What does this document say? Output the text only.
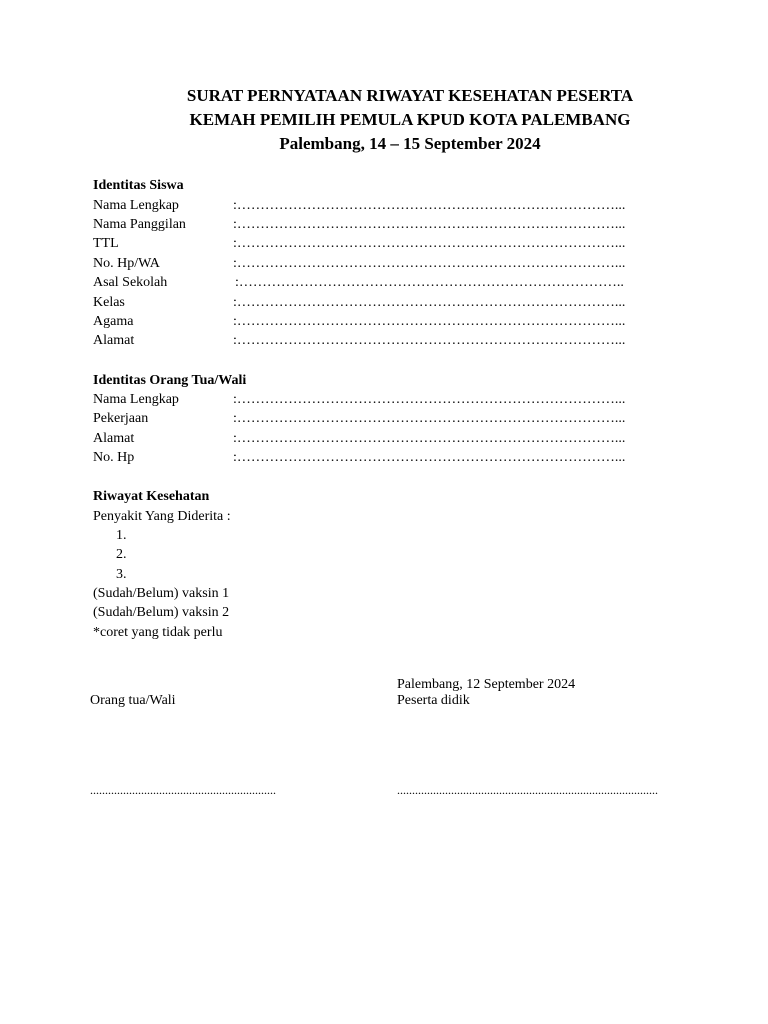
SURAT PERNYATAAN RIWAYAT KESEHATAN PESERTA
KEMAH PEMILIH PEMULA KPUD KOTA PALEMBANG
Palembang, 14 – 15 September 2024
Identitas Siswa
Nama Lengkap	:………………………………………………………………………...
Nama Panggilan	:………………………………………………………………………...
TTL	:………………………………………………………………………...
No. Hp/WA	:………………………………………………………………………...
Asal Sekolah	:………………………………………………………………………..
Kelas	:………………………………………………………………………...
Agama	:………………………………………………………………………...
Alamat	:………………………………………………………………………...
Identitas Orang Tua/Wali
Nama Lengkap	:………………………………………………………………………...
Pekerjaan	:………………………………………………………………………...
Alamat	:………………………………………………………………………...
No. Hp	:………………………………………………………………………...
Riwayat Kesehatan
Penyakit Yang Diderita :
1.
2.
3.
(Sudah/Belum) vaksin 1
(Sudah/Belum) vaksin 2
*coret yang tidak perlu
Palembang, 12 September 2024
Orang tua/Wali	Peserta didik
..............................................................	.......................................................................................
